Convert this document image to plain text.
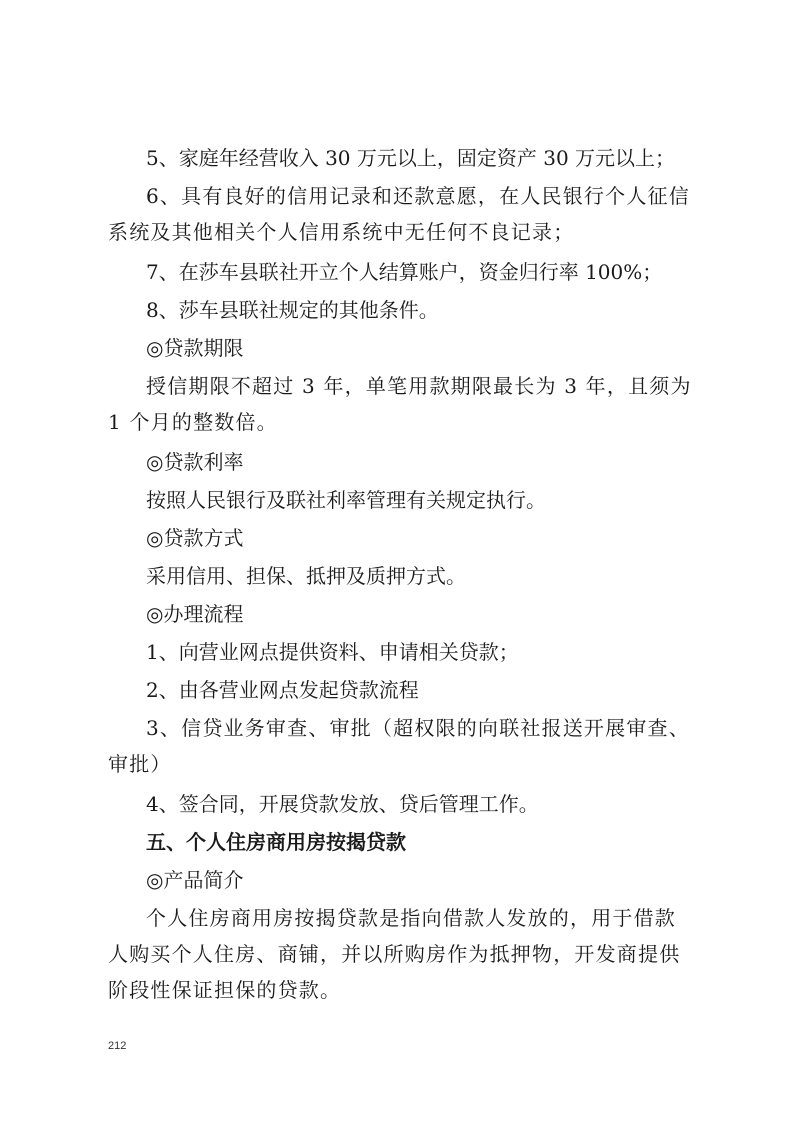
5、家庭年经营收入 30 万元以上，固定资产 30 万元以上；

6、具有良好的信用记录和还款意愿，在人民银行个人征信系统及其他相关个人信用系统中无任何不良记录；

7、在莎车县联社开立个人结算账户，资金归行率 100%；

8、莎车县联社规定的其他条件。

◎贷款期限

授信期限不超过 3 年，单笔用款期限最长为 3 年，且须为 1 个月的整数倍。

◎贷款利率

按照人民银行及联社利率管理有关规定执行。

◎贷款方式

采用信用、担保、抵押及质押方式。

◎办理流程

1、向营业网点提供资料、申请相关贷款；

2、由各营业网点发起贷款流程

3、信贷业务审查、审批（超权限的向联社报送开展审查、审批）

4、签合同，开展贷款发放、贷后管理工作。

五、个人住房商用房按揭贷款

◎产品简介

个人住房商用房按揭贷款是指向借款人发放的，用于借款人购买个人住房、商铺，并以所购房作为抵押物，开发商提供阶段性保证担保的贷款。

212
